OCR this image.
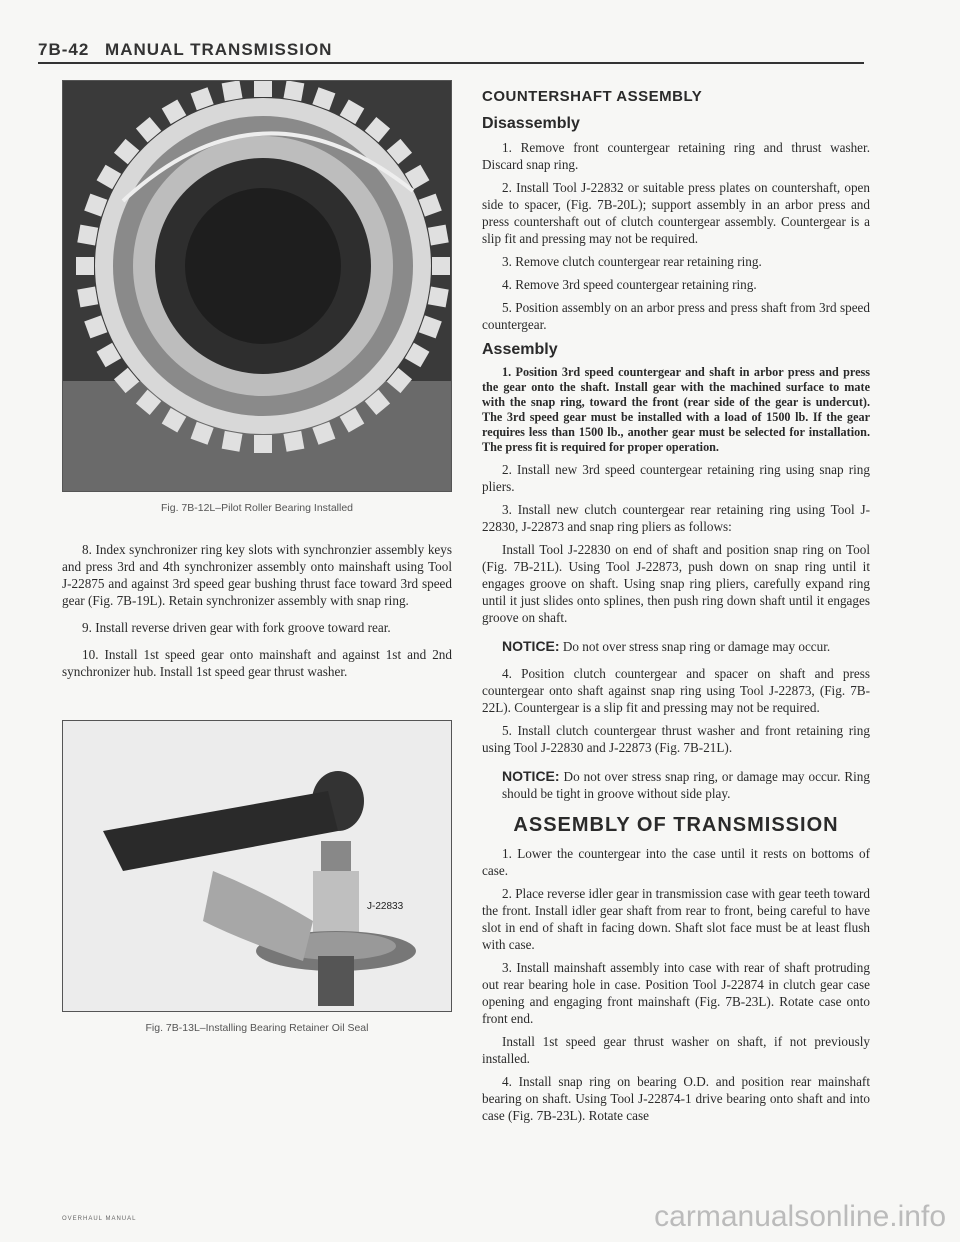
7B-42 MANUAL TRANSMISSION

Fig. 7B-12L–Pilot Roller Bearing Installed

8. Index synchronizer ring key slots with synchronzier assembly keys and press 3rd and 4th synchronizer assembly onto mainshaft using Tool J-22875 and against 3rd speed gear bushing thrust face toward 3rd speed gear (Fig. 7B-19L). Retain synchronizer assembly with snap ring.

9. Install reverse driven gear with fork groove toward rear.

10. Install 1st speed gear onto mainshaft and against 1st and 2nd synchronizer hub. Install 1st speed gear thrust washer.

J-22833

Fig. 7B-13L–Installing Bearing Retainer Oil Seal

COUNTERSHAFT ASSEMBLY
Disassembly

1. Remove front countergear retaining ring and thrust washer. Discard snap ring.

2. Install Tool J-22832 or suitable press plates on countershaft, open side to spacer, (Fig. 7B-20L); support assembly in an arbor press and press countershaft out of clutch countergear assembly. Countergear is a slip fit and pressing may not be required.

3. Remove clutch countergear rear retaining ring.

4. Remove 3rd speed countergear retaining ring.

5. Position assembly on an arbor press and press shaft from 3rd speed countergear.

Assembly

1. Position 3rd speed countergear and shaft in arbor press and press the gear onto the shaft. Install gear with the machined surface to mate with the snap ring, toward the front (rear side of the gear is undercut). The 3rd speed gear must be installed with a load of 1500 lb. If the gear requires less than 1500 lb., another gear must be selected for installation. The press fit is required for proper operation.

2. Install new 3rd speed countergear retaining ring using snap ring pliers.

3. Install new clutch countergear rear retaining ring using Tool J-22830, J-22873 and snap ring pliers as follows:

Install Tool J-22830 on end of shaft and position snap ring on Tool (Fig. 7B-21L). Using Tool J-22873, push down on snap ring until it engages groove on shaft. Using snap ring pliers, carefully expand ring until it just slides onto splines, then push ring down shaft until it engages groove on shaft.

NOTICE: Do not over stress snap ring or damage may occur.

4. Position clutch countergear and spacer on shaft and press countergear onto shaft against snap ring using Tool J-22873, (Fig. 7B-22L). Countergear is a slip fit and pressing may not be required.

5. Install clutch countergear thrust washer and front retaining ring using Tool J-22830 and J-22873 (Fig. 7B-21L).

NOTICE: Do not over stress snap ring, or damage may occur. Ring should be tight in groove without side play.

ASSEMBLY OF TRANSMISSION

1. Lower the countergear into the case until it rests on bottoms of case.

2. Place reverse idler gear in transmission case with gear teeth toward the front. Install idler gear shaft from rear to front, being careful to have slot in end of shaft in facing down. Shaft slot face must be at least flush with case.

3. Install mainshaft assembly into case with rear of shaft protruding out rear bearing hole in case. Position Tool J-22874 in clutch gear case opening and engaging front mainshaft (Fig. 7B-23L). Rotate case onto front end.

Install 1st speed gear thrust washer on shaft, if not previously installed.

4. Install snap ring on bearing O.D. and position rear mainshaft bearing on shaft. Using Tool J-22874-1 drive bearing onto shaft and into case (Fig. 7B-23L). Rotate case

OVERHAUL MANUAL	carmanualsonline.info
